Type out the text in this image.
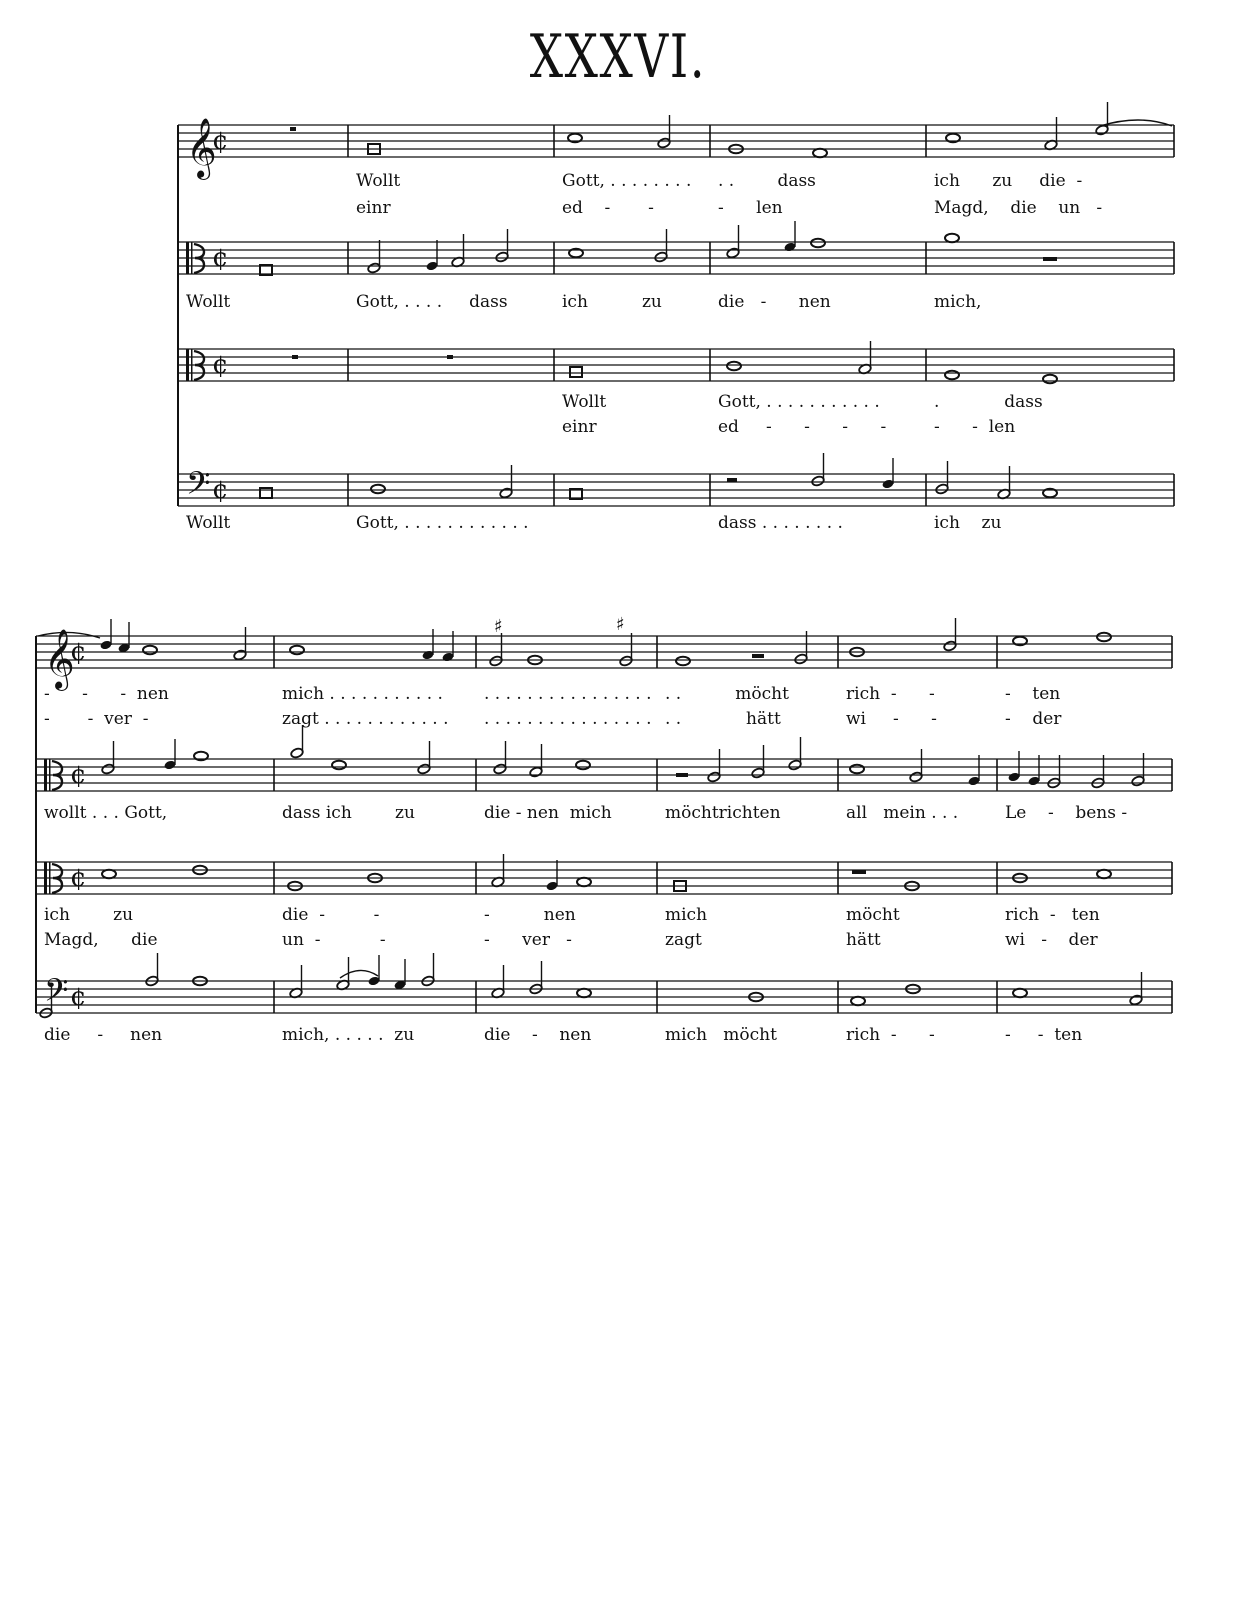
XXXVI.
𝄞
¢
Wollt	Gott, . . . . . . . . . .        dass	ich      zu     die  -
einr	ed    -       -	-      len	Magd,    die    un   -
¢
Wollt	Gott, . . . .     dass	ich          zu	die   -      nen	mich,
¢
Wollt	Gott, . . . . . . . . . . .	.            dass
einr	ed     -      -      -      -	-      -  len
𝄢 ¢
Wollt	Gott, . . . . . . . . . . . .	dass . . . . . . . .	ich    zu
𝄞
¢
-      -      -  nen	mich . . . . . . . . . . . . . . . . . . . . . . . . . . . . .          möcht	rich  -      -	-    ten
-       -  ver  -	zagt . . . . . . . . . . . . . . . . . . . . . . . . . . . . . .            hätt	wi     -      -	-    der
¢
wollt . . . Gott,	dass ich        zu	die - nen  mich	möchtrichten	all   mein . . .	Le    -    bens -
¢
ich        zu	die  -         -	-          nen	mich	möcht	rich  -   ten
Magd,      die	un  -           -	-      ver   -	zagt	hätt	wi   -    der
𝄢 ¢
die     -     nen	mich, . . . . .  zu	die    -    nen	mich   möcht	rich  -      -	-     -  ten
♯	♯
